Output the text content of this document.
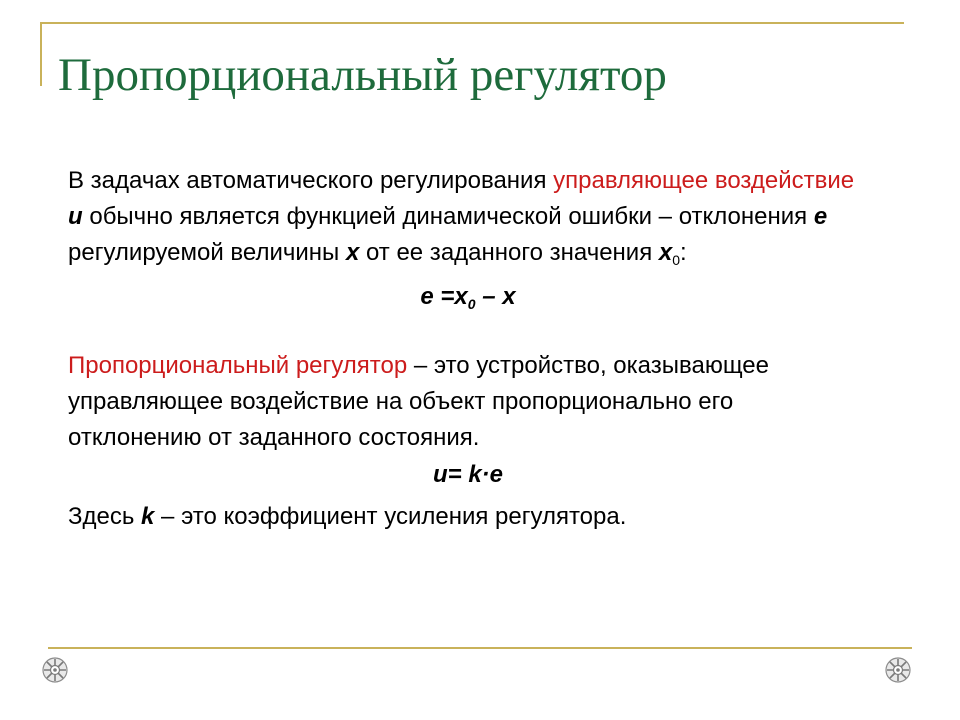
Пропорциональный регулятор

В задачах автоматического регулирования управляющее воздействие u обычно является функцией динамической ошибки – отклонения e регулируемой величины x от ее заданного значения $x_0$:

$e =x_0 - x$

Пропорциональный регулятор – это устройство, оказывающее управляющее воздействие на объект пропорционально его отклонению от заданного состояния.

u= k·e

Здесь k – это коэффициент усиления регулятора.
